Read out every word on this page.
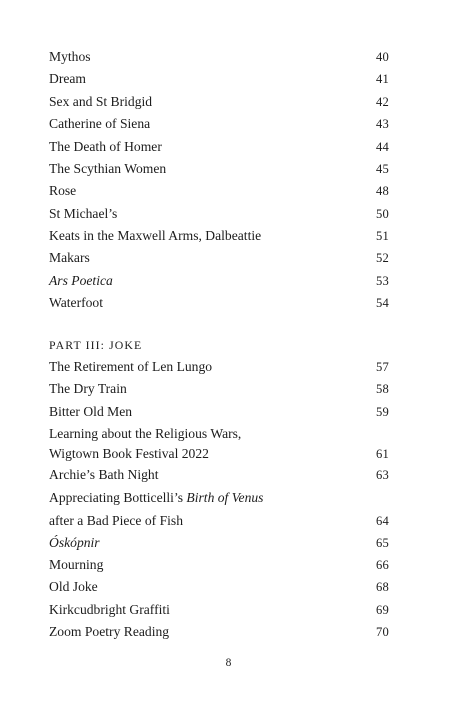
Mythos	40
Dream	41
Sex and St Bridgid	42
Catherine of Siena	43
The Death of Homer	44
The Scythian Women	45
Rose	48
St Michael’s	50
Keats in the Maxwell Arms, Dalbeattie	51
Makars	52
Ars Poetica	53
Waterfoot	54
PART III: JOKE
The Retirement of Len Lungo	57
The Dry Train	58
Bitter Old Men	59
Learning about the Religious Wars,
Wigtown Book Festival 2022	61
Archie’s Bath Night	63
Appreciating Botticelli’s Birth of Venus
after a Bad Piece of Fish	64
Óskópnir	65
Mourning	66
Old Joke	68
Kirkcudbright Graffiti	69
Zoom Poetry Reading	70
8
